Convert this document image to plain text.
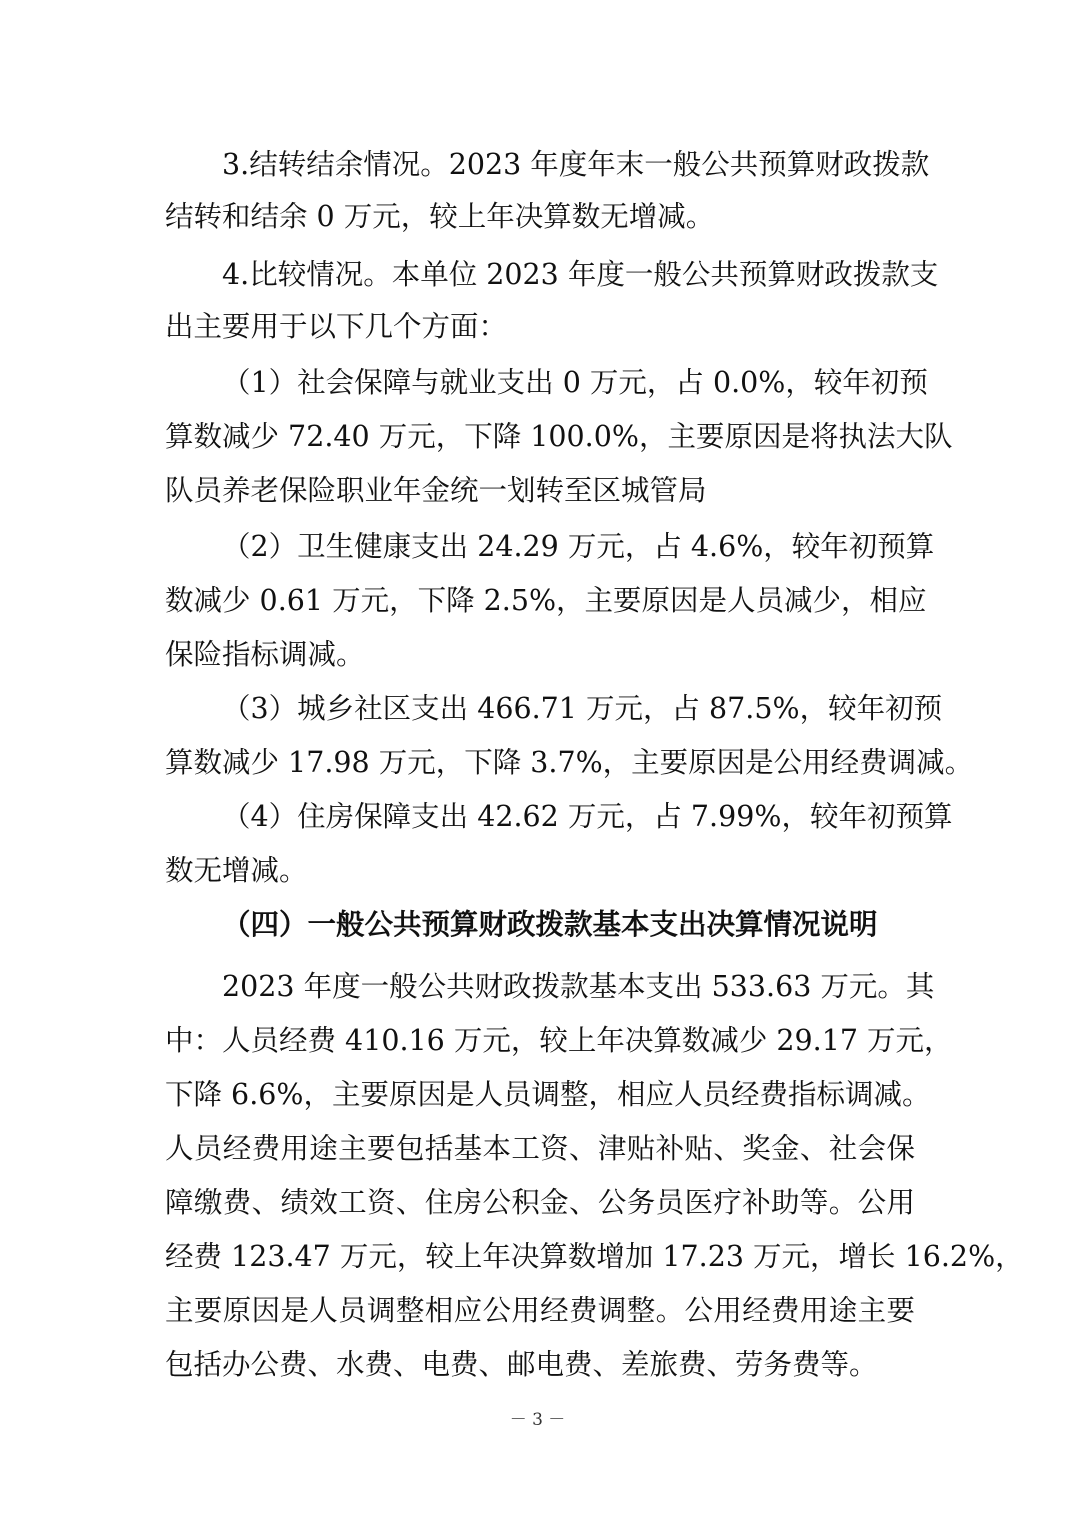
3.结转结余情况。2023 年度年末一般公共预算财政拨款
结转和结余 0 万元，较上年决算数无增减。
4.比较情况。本单位 2023 年度一般公共预算财政拨款支
出主要用于以下几个方面：
（1）社会保障与就业支出 0 万元，占 0.0%，较年初预
算数减少 72.40 万元，下降 100.0%，主要原因是将执法大队
队员养老保险职业年金统一划转至区城管局
（2）卫生健康支出 24.29 万元，占 4.6%，较年初预算
数减少 0.61 万元，下降 2.5%，主要原因是人员减少，相应
保险指标调减。
（3）城乡社区支出 466.71 万元，占 87.5%，较年初预
算数减少 17.98 万元，下降 3.7%，主要原因是公用经费调减。
（4）住房保障支出 42.62 万元，占 7.99%，较年初预算
数无增减。
（四）一般公共预算财政拨款基本支出决算情况说明
2023 年度一般公共财政拨款基本支出 533.63 万元。其
中：人员经费 410.16 万元，较上年决算数减少 29.17 万元，
下降 6.6%，主要原因是人员调整，相应人员经费指标调减。
人员经费用途主要包括基本工资、津贴补贴、奖金、社会保
障缴费、绩效工资、住房公积金、公务员医疗补助等。公用
经费 123.47 万元，较上年决算数增加 17.23 万元，增长 16.2%，
主要原因是人员调整相应公用经费调整。公用经费用途主要
包括办公费、水费、电费、邮电费、差旅费、劳务费等。
－ 3 －
